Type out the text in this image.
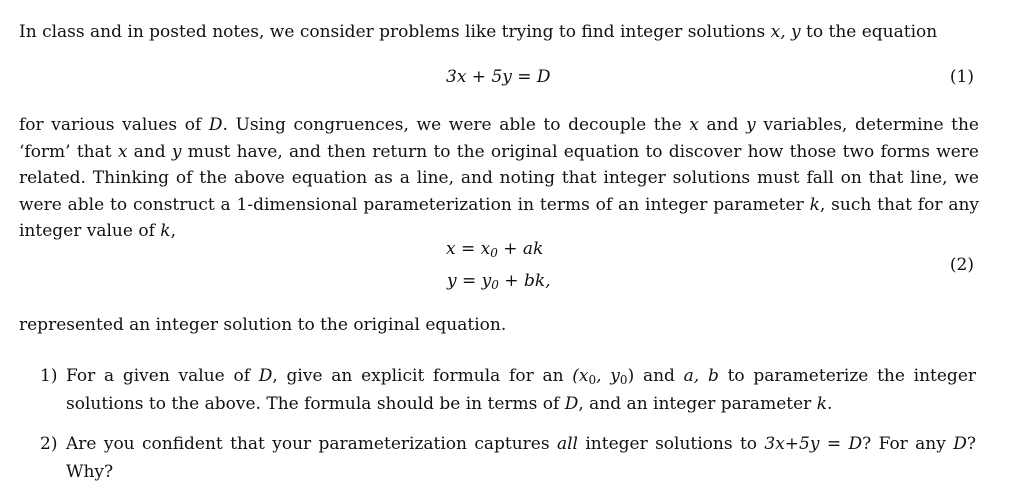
In class and in posted notes, we consider problems like trying to find integer solutions x, y to the equation

3x + 5y = D	(1)

for various values of D. Using congruences, we were able to decouple the x and y variables, determine the ‘form’ that x and y must have, and then return to the original equation to discover how those two forms were related. Thinking of the above equation as a line, and noting that integer solutions must fall on that line, we were able to construct a 1-dimensional parameterization in terms of an integer parameter k, such that for any integer value of k,

$x = x_0$ + ak
$y = y_0$ + bk,
(2)

represented an integer solution to the original equation.

1) For a given value of D, give an explicit formula for an ($x_0$, $y_0$) and a, b to parameterize the integer solutions to the above. The formula should be in terms of D, and an integer parameter k.
2) Are you confident that your parameterization captures all integer solutions to 3x+5y = D? For any D? Why?
